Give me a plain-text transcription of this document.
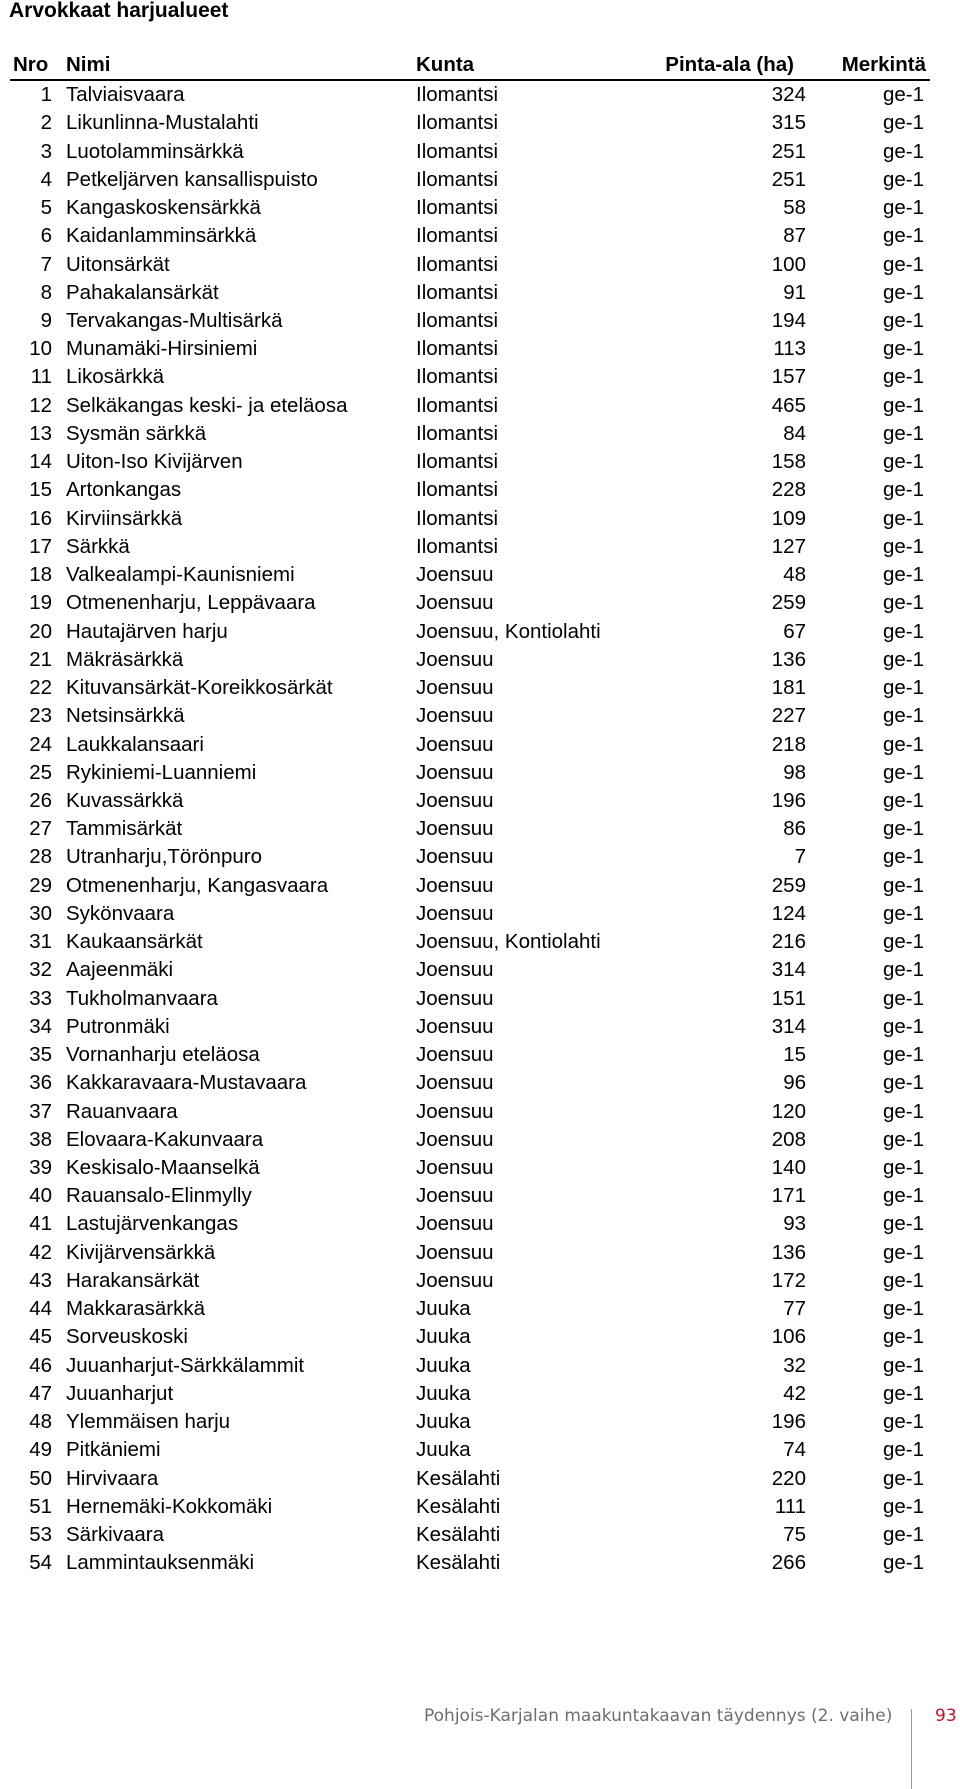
Arvokkaat harjualueet
Nro	Nimi	Kunta	Pinta-ala (ha)	Merkintä
1	Talviaisvaara	Ilomantsi	324	ge-1
2	Likunlinna-Mustalahti	Ilomantsi	315	ge-1
3	Luotolamminsärkkä	Ilomantsi	251	ge-1
4	Petkeljärven kansallispuisto	Ilomantsi	251	ge-1
5	Kangaskoskensärkkä	Ilomantsi	58	ge-1
6	Kaidanlamminsärkkä	Ilomantsi	87	ge-1
7	Uitonsärkät	Ilomantsi	100	ge-1
8	Pahakalansärkät	Ilomantsi	91	ge-1
9	Tervakangas-Multisärkä	Ilomantsi	194	ge-1
10	Munamäki-Hirsiniemi	Ilomantsi	113	ge-1
11	Likosärkkä	Ilomantsi	157	ge-1
12	Selkäkangas keski- ja eteläosa	Ilomantsi	465	ge-1
13	Sysmän särkkä	Ilomantsi	84	ge-1
14	Uiton-Iso Kivijärven	Ilomantsi	158	ge-1
15	Artonkangas	Ilomantsi	228	ge-1
16	Kirviinsärkkä	Ilomantsi	109	ge-1
17	Särkkä	Ilomantsi	127	ge-1
18	Valkealampi-Kaunisniemi	Joensuu	48	ge-1
19	Otmenenharju, Leppävaara	Joensuu	259	ge-1
20	Hautajärven harju	Joensuu, Kontiolahti	67	ge-1
21	Mäkräsärkkä	Joensuu	136	ge-1
22	Kituvansärkät-Koreikkosärkät	Joensuu	181	ge-1
23	Netsinsärkkä	Joensuu	227	ge-1
24	Laukkalansaari	Joensuu	218	ge-1
25	Rykiniemi-Luanniemi	Joensuu	98	ge-1
26	Kuvassärkkä	Joensuu	196	ge-1
27	Tammisärkät	Joensuu	86	ge-1
28	Utranharju,Törönpuro	Joensuu	7	ge-1
29	Otmenenharju, Kangasvaara	Joensuu	259	ge-1
30	Sykönvaara	Joensuu	124	ge-1
31	Kaukaansärkät	Joensuu, Kontiolahti	216	ge-1
32	Aajeenmäki	Joensuu	314	ge-1
33	Tukholmanvaara	Joensuu	151	ge-1
34	Putronmäki	Joensuu	314	ge-1
35	Vornanharju eteläosa	Joensuu	15	ge-1
36	Kakkaravaara-Mustavaara	Joensuu	96	ge-1
37	Rauanvaara	Joensuu	120	ge-1
38	Elovaara-Kakunvaara	Joensuu	208	ge-1
39	Keskisalo-Maanselkä	Joensuu	140	ge-1
40	Rauansalo-Elinmylly	Joensuu	171	ge-1
41	Lastujärvenkangas	Joensuu	93	ge-1
42	Kivijärvensärkkä	Joensuu	136	ge-1
43	Harakansärkät	Joensuu	172	ge-1
44	Makkarasärkkä	Juuka	77	ge-1
45	Sorveuskoski	Juuka	106	ge-1
46	Juuanharjut-Särkkälammit	Juuka	32	ge-1
47	Juuanharjut	Juuka	42	ge-1
48	Ylemmäisen harju	Juuka	196	ge-1
49	Pitkäniemi	Juuka	74	ge-1
50	Hirvivaara	Kesälahti	220	ge-1
51	Hernemäki-Kokkomäki	Kesälahti	111	ge-1
53	Särkivaara	Kesälahti	75	ge-1
54	Lammintauksenmäki	Kesälahti	266	ge-1
Pohjois-Karjalan maakuntakaavan täydennys (2. vaihe)	93
